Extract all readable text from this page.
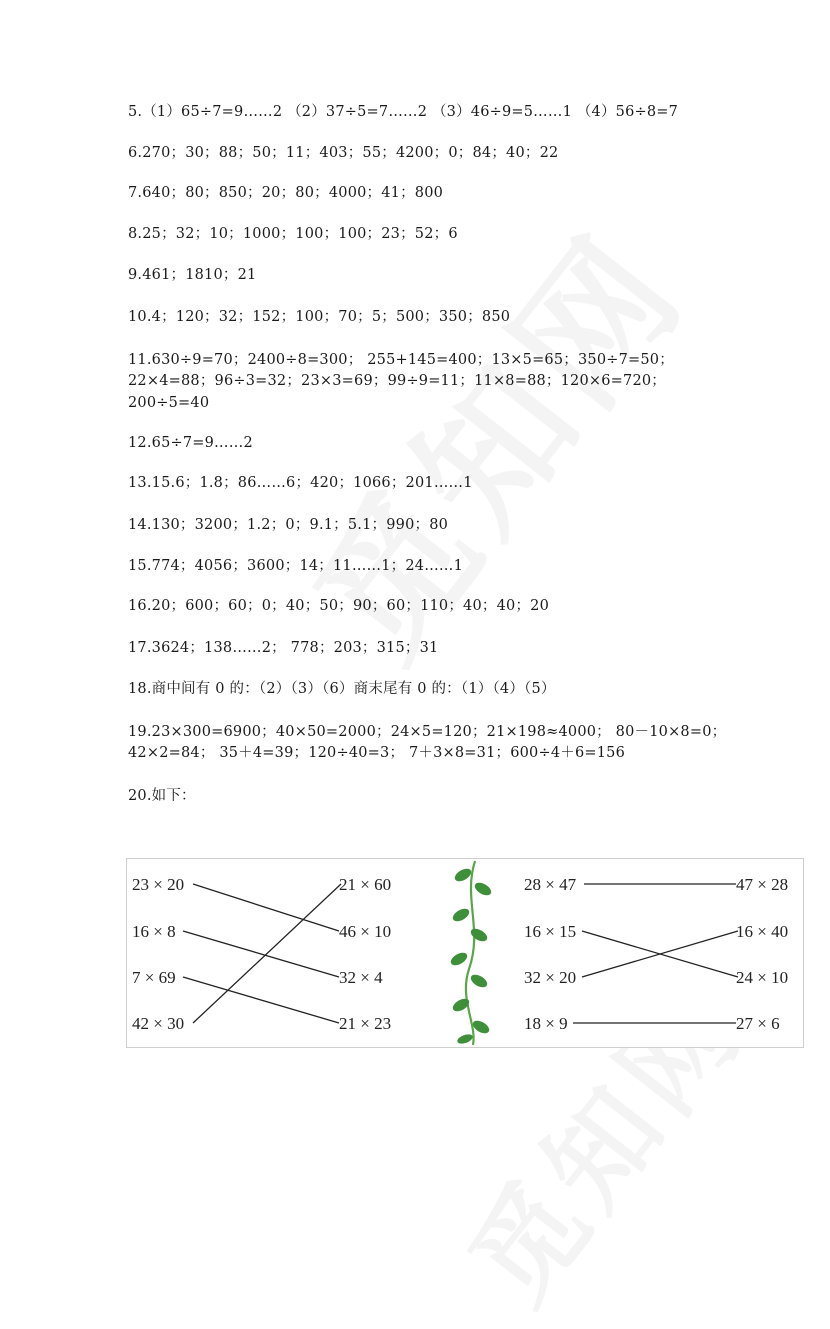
5.（1）65÷7=9……2 （2）37÷5=7……2 （3）46÷9=5……1 （4）56÷8=7
6.270；30；88；50；11；403；55；4200；0；84；40；22
7.640；80；850；20；80；4000；41；800
8.25；32；10；1000；100；100；23；52；6
9.461；1810；21
10.4；120；32；152；100；70；5；500；350；850
11.630÷9=70；2400÷8=300； 255+145=400；13×5=65；350÷7=50；
22×4=88；96÷3=32；23×3=69；99÷9=11；11×8=88；120×6=720；
200÷5=40
12.65÷7=9……2
13.15.6；1.8；86……6；420；1066；201……1
14.130；3200；1.2；0；9.1；5.1；990；80
15.774；4056；3600；14；11……1；24……1
16.20；600；60；0；40；50；90；60；110；40；40；20
17.3624；138……2； 778；203；315；31
18.商中间有 0 的：（2）（3）（6）商末尾有 0 的：（1）（4）（5）
19.23×300=6900；40×50=2000；24×5=120；21×198≈4000； 80－10×8=0；
42×2=84； 35＋4=39；120÷40=3； 7＋3×8=31；600÷4＋6=156
20.如下：
23 × 20
16 × 8
7 × 69
42 × 30
21 × 60
46 × 10
32 × 4
21 × 23
28 × 47
16 × 15
32 × 20
18 × 9
47 × 28
16 × 40
24 × 10
27 × 6
